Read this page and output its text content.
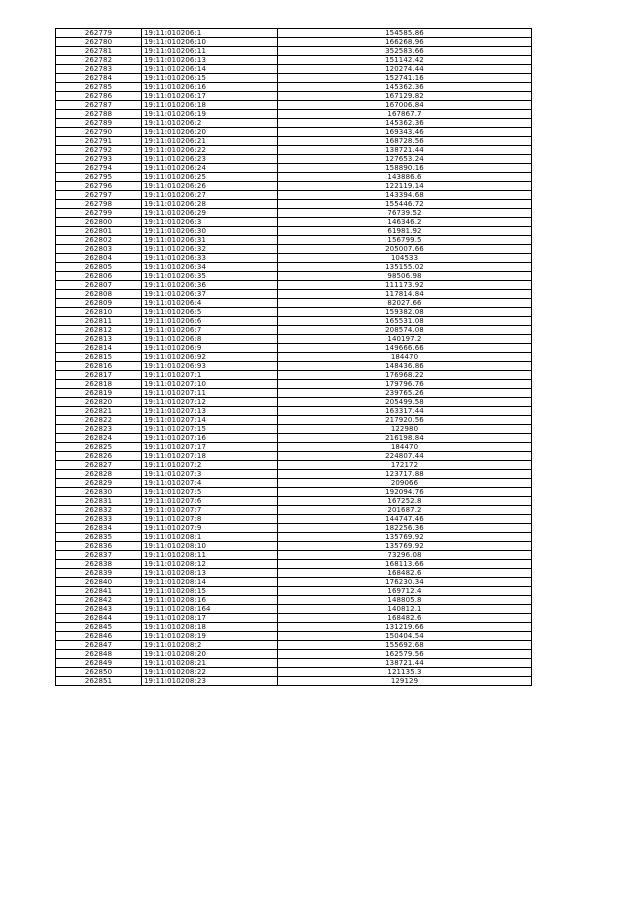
262779	19:11:010206:1	154585.86
262780	19:11:010206:10	166268.96
262781	19:11:010206:11	352583.66
262782	19:11:010206:13	151142.42
262783	19:11:010206:14	120274.44
262784	19:11:010206:15	152741.16
262785	19:11:010206:16	145362.36
262786	19:11:010206:17	167129.82
262787	19:11:010206:18	167006.84
262788	19:11:010206:19	167867.7
262789	19:11:010206:2	145362.36
262790	19:11:010206:20	169343.46
262791	19:11:010206:21	168728.56
262792	19:11:010206:22	138721.44
262793	19:11:010206:23	127653.24
262794	19:11:010206:24	158890.16
262795	19:11:010206:25	143886.6
262796	19:11:010206:26	122119.14
262797	19:11:010206:27	143394.68
262798	19:11:010206:28	155446.72
262799	19:11:010206:29	76739.52
262800	19:11:010206:3	146346.2
262801	19:11:010206:30	61981.92
262802	19:11:010206:31	156799.5
262803	19:11:010206:32	205007.66
262804	19:11:010206:33	104533
262805	19:11:010206:34	135155.02
262806	19:11:010206:35	98506.98
262807	19:11:010206:36	111173.92
262808	19:11:010206:37	117814.84
262809	19:11:010206:4	82027.66
262810	19:11:010206:5	159382.08
262811	19:11:010206:6	165531.08
262812	19:11:010206:7	208574.08
262813	19:11:010206:8	140197.2
262814	19:11:010206:9	149666.66
262815	19:11:010206:92	184470
262816	19:11:010206:93	148436.86
262817	19:11:010207:1	176968.22
262818	19:11:010207:10	179796.76
262819	19:11:010207:11	239765.26
262820	19:11:010207:12	205499.58
262821	19:11:010207:13	163317.44
262822	19:11:010207:14	217920.56
262823	19:11:010207:15	122980
262824	19:11:010207:16	216198.84
262825	19:11:010207:17	184470
262826	19:11:010207:18	224807.44
262827	19:11:010207:2	172172
262828	19:11:010207:3	123717.88
262829	19:11:010207:4	209066
262830	19:11:010207:5	192094.76
262831	19:11:010207:6	167252.8
262832	19:11:010207:7	201687.2
262833	19:11:010207:8	144747.46
262834	19:11:010207:9	182256.36
262835	19:11:010208:1	135769.92
262836	19:11:010208:10	135769.92
262837	19:11:010208:11	73296.08
262838	19:11:010208:12	168113.66
262839	19:11:010208:13	168482.6
262840	19:11:010208:14	176230.34
262841	19:11:010208:15	169712.4
262842	19:11:010208:16	148805.8
262843	19:11:010208:164	140812.1
262844	19:11:010208:17	168482.6
262845	19:11:010208:18	131219.66
262846	19:11:010208:19	150404.54
262847	19:11:010208:2	155692.68
262848	19:11:010208:20	162579.56
262849	19:11:010208:21	138721.44
262850	19:11:010208:22	121135.3
262851	19:11:010208:23	129129
